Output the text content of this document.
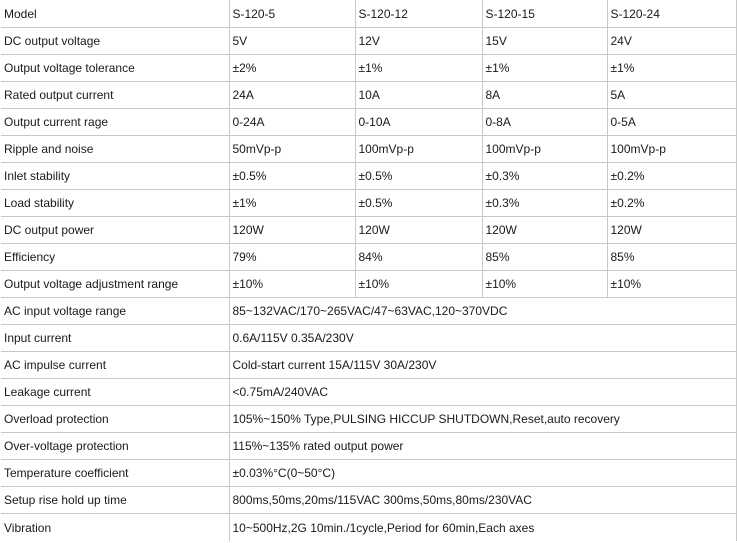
Model	S-120-5	S-120-12	S-120-15	S-120-24
DC output voltage	5V	12V	15V	24V
Output voltage tolerance	±2%	±1%	±1%	±1%
Rated output current	24A	10A	8A	5A
Output current rage	0-24A	0-10A	0-8A	0-5A
Ripple and noise	50mVp-p	100mVp-p	100mVp-p	100mVp-p
Inlet stability	±0.5%	±0.5%	±0.3%	±0.2%
Load stability	±1%	±0.5%	±0.3%	±0.2%
DC output power	120W	120W	120W	120W
Efficiency	79%	84%	85%	85%
Output voltage adjustment range	±10%	±10%	±10%	±10%
AC input voltage range	85~132VAC/170~265VAC/47~63VAC,120~370VDC			
Input current	0.6A/115V 0.35A/230V			
AC impulse current	Cold-start current 15A/115V 30A/230V			
Leakage current	<0.75mA/240VAC			
Overload protection	105%~150% Type,PULSING HICCUP SHUTDOWN,Reset,auto recovery			
Over-voltage protection	115%~135% rated output power			
Temperature coefficient	±0.03%°C(0~50°C)			
Setup rise hold up time	800ms,50ms,20ms/115VAC 300ms,50ms,80ms/230VAC			
Vibration	10~500Hz,2G 10min./1cycle,Period for 60min,Each axes			
